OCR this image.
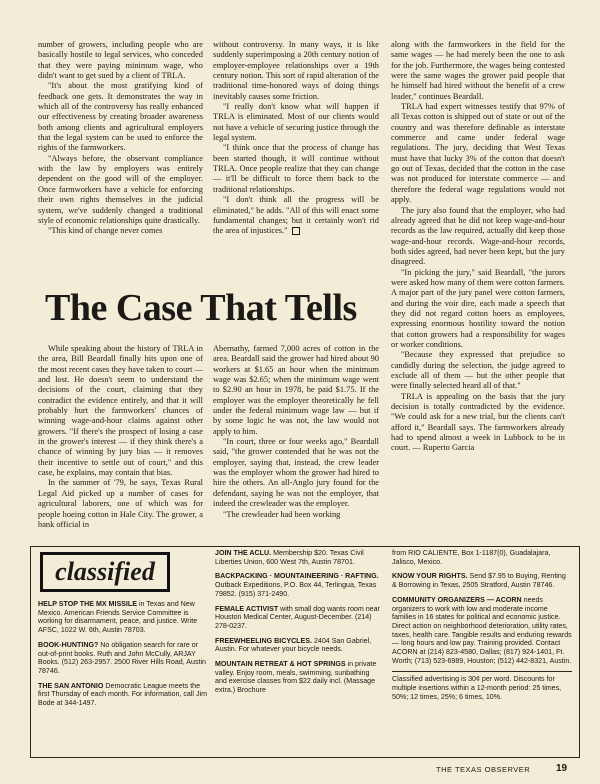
number of growers, including people who are basically hostile to legal services, who conceded that they were paying minimum wage, who didn't want to get sued by a client of TRLA.

"It's about the most gratifying kind of feedback one gets. It demonstrates the way in which all of the controversy has really enhanced our effectiveness by creating broader awareness both among clients and agricultural employers that the legal system can be used to enforce the rights of the farmworkers.

"Always before, the observant compliance with the law by employers was entirely dependent on the good will of the employer. Once farmworkers have a vehicle for enforcing their own rights themselves in the judicial system, we've suddenly changed a traditional style of economic relationships quite drastically.

"This kind of change never comes

without controversy. In many ways, it is like suddenly superimposing a 20th century notion of employer-employee relationships over a 19th century notion. This sort of rapid alteration of the traditional time-honored ways of doing things inevitably causes some friction.

"I really don't know what will happen if TRLA is eliminated. Most of our clients would not have a vehicle of securing justice through the legal system.

"I think once that the process of change has been started though, it will continue without TRLA. Once people realize that they can change — it'll be difficult to force them back to the traditional relationships.

"I don't think all the progress will be eliminated," he adds. "All of this will enact some fundamental changes; but it certainly won't rid the area of injustices."

The Case That Tells

While speaking about the history of TRLA in the area, Bill Beardall finally hits upon one of the most recent cases they have taken to court — and lost. He doesn't seem to understand the decisions of the court, claiming that they contradict the evidence entirely, and that it will probably hurt the farmworkers' chances of winning wage-and-hour claims against other growers. "If there's the prospect of losing a case in the grower's interest — if they think there's a chance of winning by jury bias — it removes their incentive to settle out of court," and this case, he explains, may contain that bias.

In the summer of '79, he says, Texas Rural Legal Aid picked up a number of cases for agricultural laborers, one of which was for people hoeing cotton in Hale City. The grower, a bank official in

Abernathy, farmed 7,000 acres of cotton in the area. Beardall said the grower had hired about 90 workers at $1.65 an hour when the minimum wage was $2.65; when the minimum wage went to $2.90 an hour in 1978, he paid $1.75. If the employer was the employer theoretically he fell under the federal minimum wage law — but if by some logic he was not, the law would not apply to him.

"In court, three or four weeks ago," Beardall said, "the grower contended that he was not the employer, saying that, instead, the crew leader was the employer whom the grower had hired to hire the others. An all-Anglo jury found for the defendant, saying he was not the employer, that indeed the crewleader was the employer.

"The crewleader had been working

along with the farmworkers in the field for the same wages — he had merely been the one to ask for the job. Furthermore, the wages being contested were the same wages the grower paid people that he himself had hired without the benefit of a crew leader," continues Beardall.

TRLA had expert witnesses testify that 97% of all Texas cotton is shipped out of state or out of the country and was therefore definable as interstate commerce and came under federal wage regulations. The jury, deciding that West Texas must have that lucky 3% of the cotton that doesn't go out of Texas, decided that the cotton in the case was not produced for interstate commerce — and therefore the federal wage regulations would not apply.

The jury also found that the employer, who had already agreed that he did not keep wage-and-hour records as the law required, actually did keep those wage-and-hour records. Wage-and-hour records, both sides agreed, had never been kept, but the jury disagreed.

"In picking the jury," said Beardall, "the jurors were asked how many of them were cotton farmers. A major part of the jury panel were cotton farmers, and during the voir dire, each made a speech that they did not regard cotton hoers as employees, expressing enormous hostility toward the notion that cotton growers had a responsibility for wages or worker conditions.

"Because they expressed that prejudice so candidly during the selection, the judge agreed to exclude all of them — but the other people that were finally selected heard all of that."

TRLA is appealing on the basis that the jury decision is totally contradicted by the evidence. "We could ask for a new trial, but the clients can't afford it," Beardall says. The farmworkers already had to spend almost a week in Lubbock to be in court. — Ruperto Garcia

classified
HELP STOP THE MX MISSILE in Texas and New Mexico. American Friends Service Committee is working for disarmament, peace, and justice. Write AFSC, 1022 W. 6th, Austin 78703.
BOOK-HUNTING? No obligation search for rare or out-of-print books. Ruth and John McCully, ARJAY Books. (512) 263-2957. 2500 River Hills Road, Austin 78746.
THE SAN ANTONIO Democratic League meets the first Thursday of each month. For information, call Jim Bode at 344-1497.
JOIN THE ACLU. Membership $20. Texas Civil Liberties Union, 600 West 7th, Austin 78701.
BACKPACKING · MOUNTAINEERING · RAFTING. Outback Expeditions, P.O. Box 44, Terlingua, Texas 79852. (915) 371-2490.
FEMALE ACTIVIST with small dog wants room near Houston Medical Center, August-December. (214) 278-0237.
FREEWHEELING BICYCLES. 2404 San Gabriel, Austin. For whatever your bicycle needs.
MOUNTAIN RETREAT & HOT SPRINGS in private valley. Enjoy room, meals, swimming, sunbathing and exercise classes from $22 daily incl. (Massage extra.) Brochure
from RIO CALIENTE, Box 1-1187(0), Guadalajara, Jalisco, Mexico.
KNOW YOUR RIGHTS. Send $7.95 to Buying, Renting & Borrowing in Texas, 2505 Stratford, Austin 78746.
COMMUNITY ORGANIZERS — ACORN needs organizers to work with low and moderate income families in 16 states for political and economic justice. Direct action on neighborhood deterioration, utility rates, taxes, health care. Tangible results and enduring rewards — long hours and low pay. Training provided. Contact ACORN at (214) 823-4580, Dallas; (817) 924-1401, Ft. Worth; (713) 523-6989, Houston; (512) 442-8321, Austin.
Classified advertising is 30¢ per word. Discounts for multiple insertions within a 12-month period: 25 times, 50%; 12 times, 25%; 6 times, 10%.
THE TEXAS OBSERVER	19
